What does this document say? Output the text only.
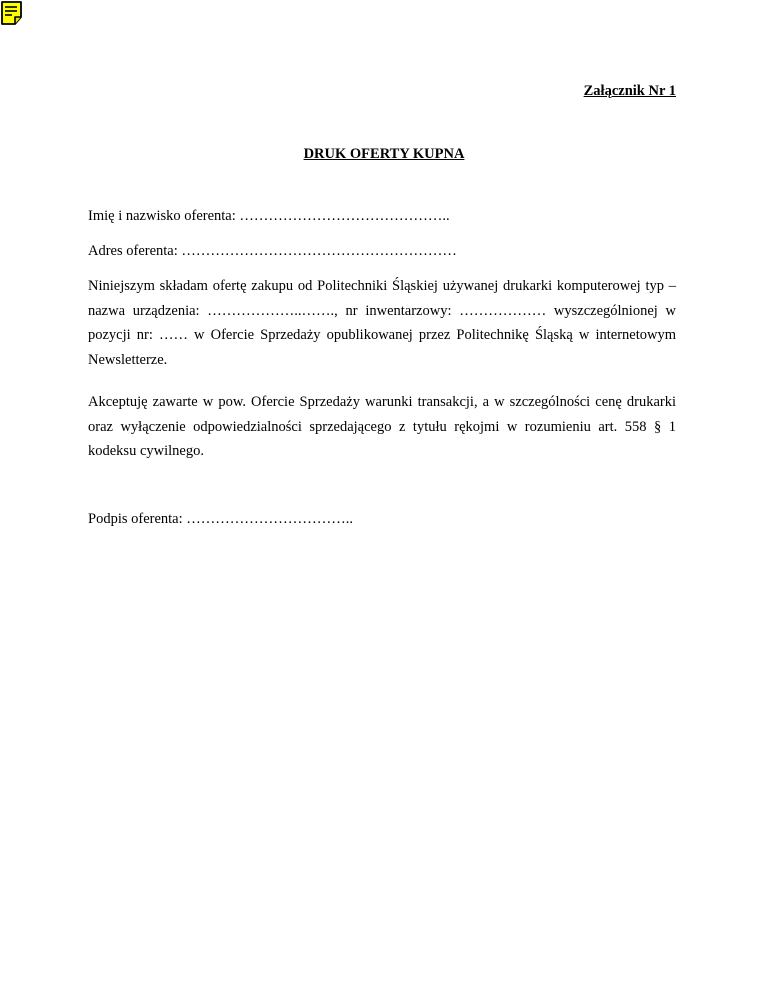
Załącznik Nr 1
DRUK OFERTY KUPNA

Imię i nazwisko oferenta: ……………………………………..

Adres oferenta: …………………………………………………

Niniejszym składam ofertę zakupu od Politechniki Śląskiej używanej drukarki komputerowej typ – nazwa urządzenia: ………………..……., nr inwentarzowy: ……………… wyszczególnionej w pozycji nr: …… w Ofercie Sprzedaży opublikowanej przez Politechnikę Śląską w internetowym Newsletterze.

Akceptuję zawarte w pow. Ofercie Sprzedaży warunki transakcji, a w szczególności cenę drukarki oraz wyłączenie odpowiedzialności sprzedającego z tytułu rękojmi w rozumieniu art. 558 § 1 kodeksu cywilnego.

Podpis oferenta: ……………………………..
